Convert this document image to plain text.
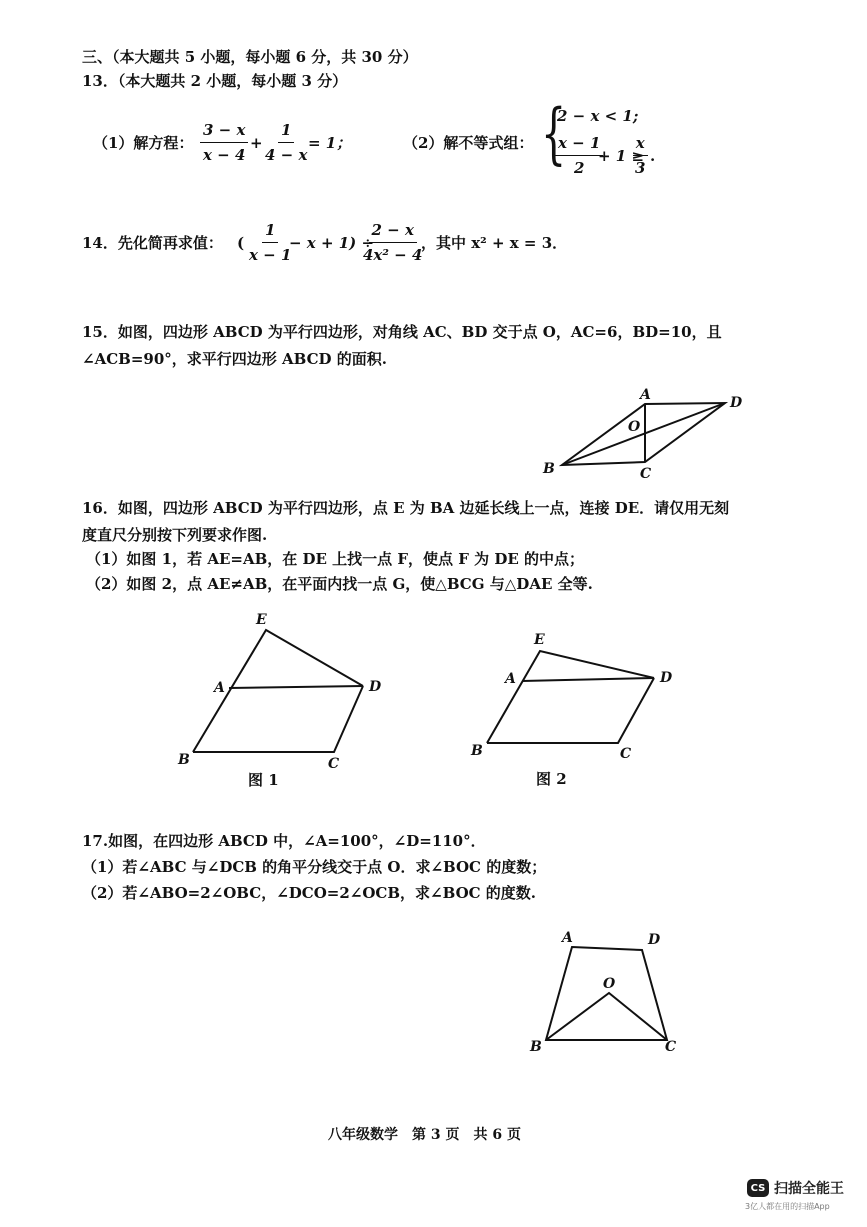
三、（本大题共 5 小题，每小题 6 分，共 30 分）
13．（本大题共 2 小题，每小题 3 分）
（1）解方程： $\frac{3 - x}{x - 4} + \frac{1}{4 - x}$
= 1；	（2）解不等式组： {
2 − x < 1;
$\frac{x - 1}{2}$
+ 1 ≥
$\frac{x}{3}$ .
14．先化简再求值： ( $\frac{1}{x - 1}$
− x + 1) ÷
$\frac{2 - x}{\text{4x² − 4}}$
，其中 x² + x = 3．
15．如图，四边形 ABCD 为平行四边形，对角线 AC、BD 交于点 O，AC=6，BD=10，且
∠ACB=90°，求平行四边形 ABCD 的面积.
A	D
O
B	C
16．如图，四边形 ABCD 为平行四边形，点 E 为 BA 边延长线上一点，连接 DE．请仅用无刻
度直尺分别按下列要求作图.
（1）如图 1，若 AE=AB，在 DE 上找一点 F，使点 F 为 DE 的中点；
（2）如图 2，点 AE≠AB，在平面内找一点 G，使△BCG 与△DAE 全等.
E
A	D
B	C
图 1
E
A	D
B	C
图 2
17.如图，在四边形 ABCD 中，∠A=100°，∠D=110°．
（1）若∠ABC 与∠DCB 的角平分线交于点 O．求∠BOC 的度数；
（2）若∠ABO=2∠OBC，∠DCO=2∠OCB，求∠BOC 的度数.
A	D
O
B	C
八年级数学　第 3 页　共 6 页
CS 扫描全能王
3亿人都在用的扫描App
